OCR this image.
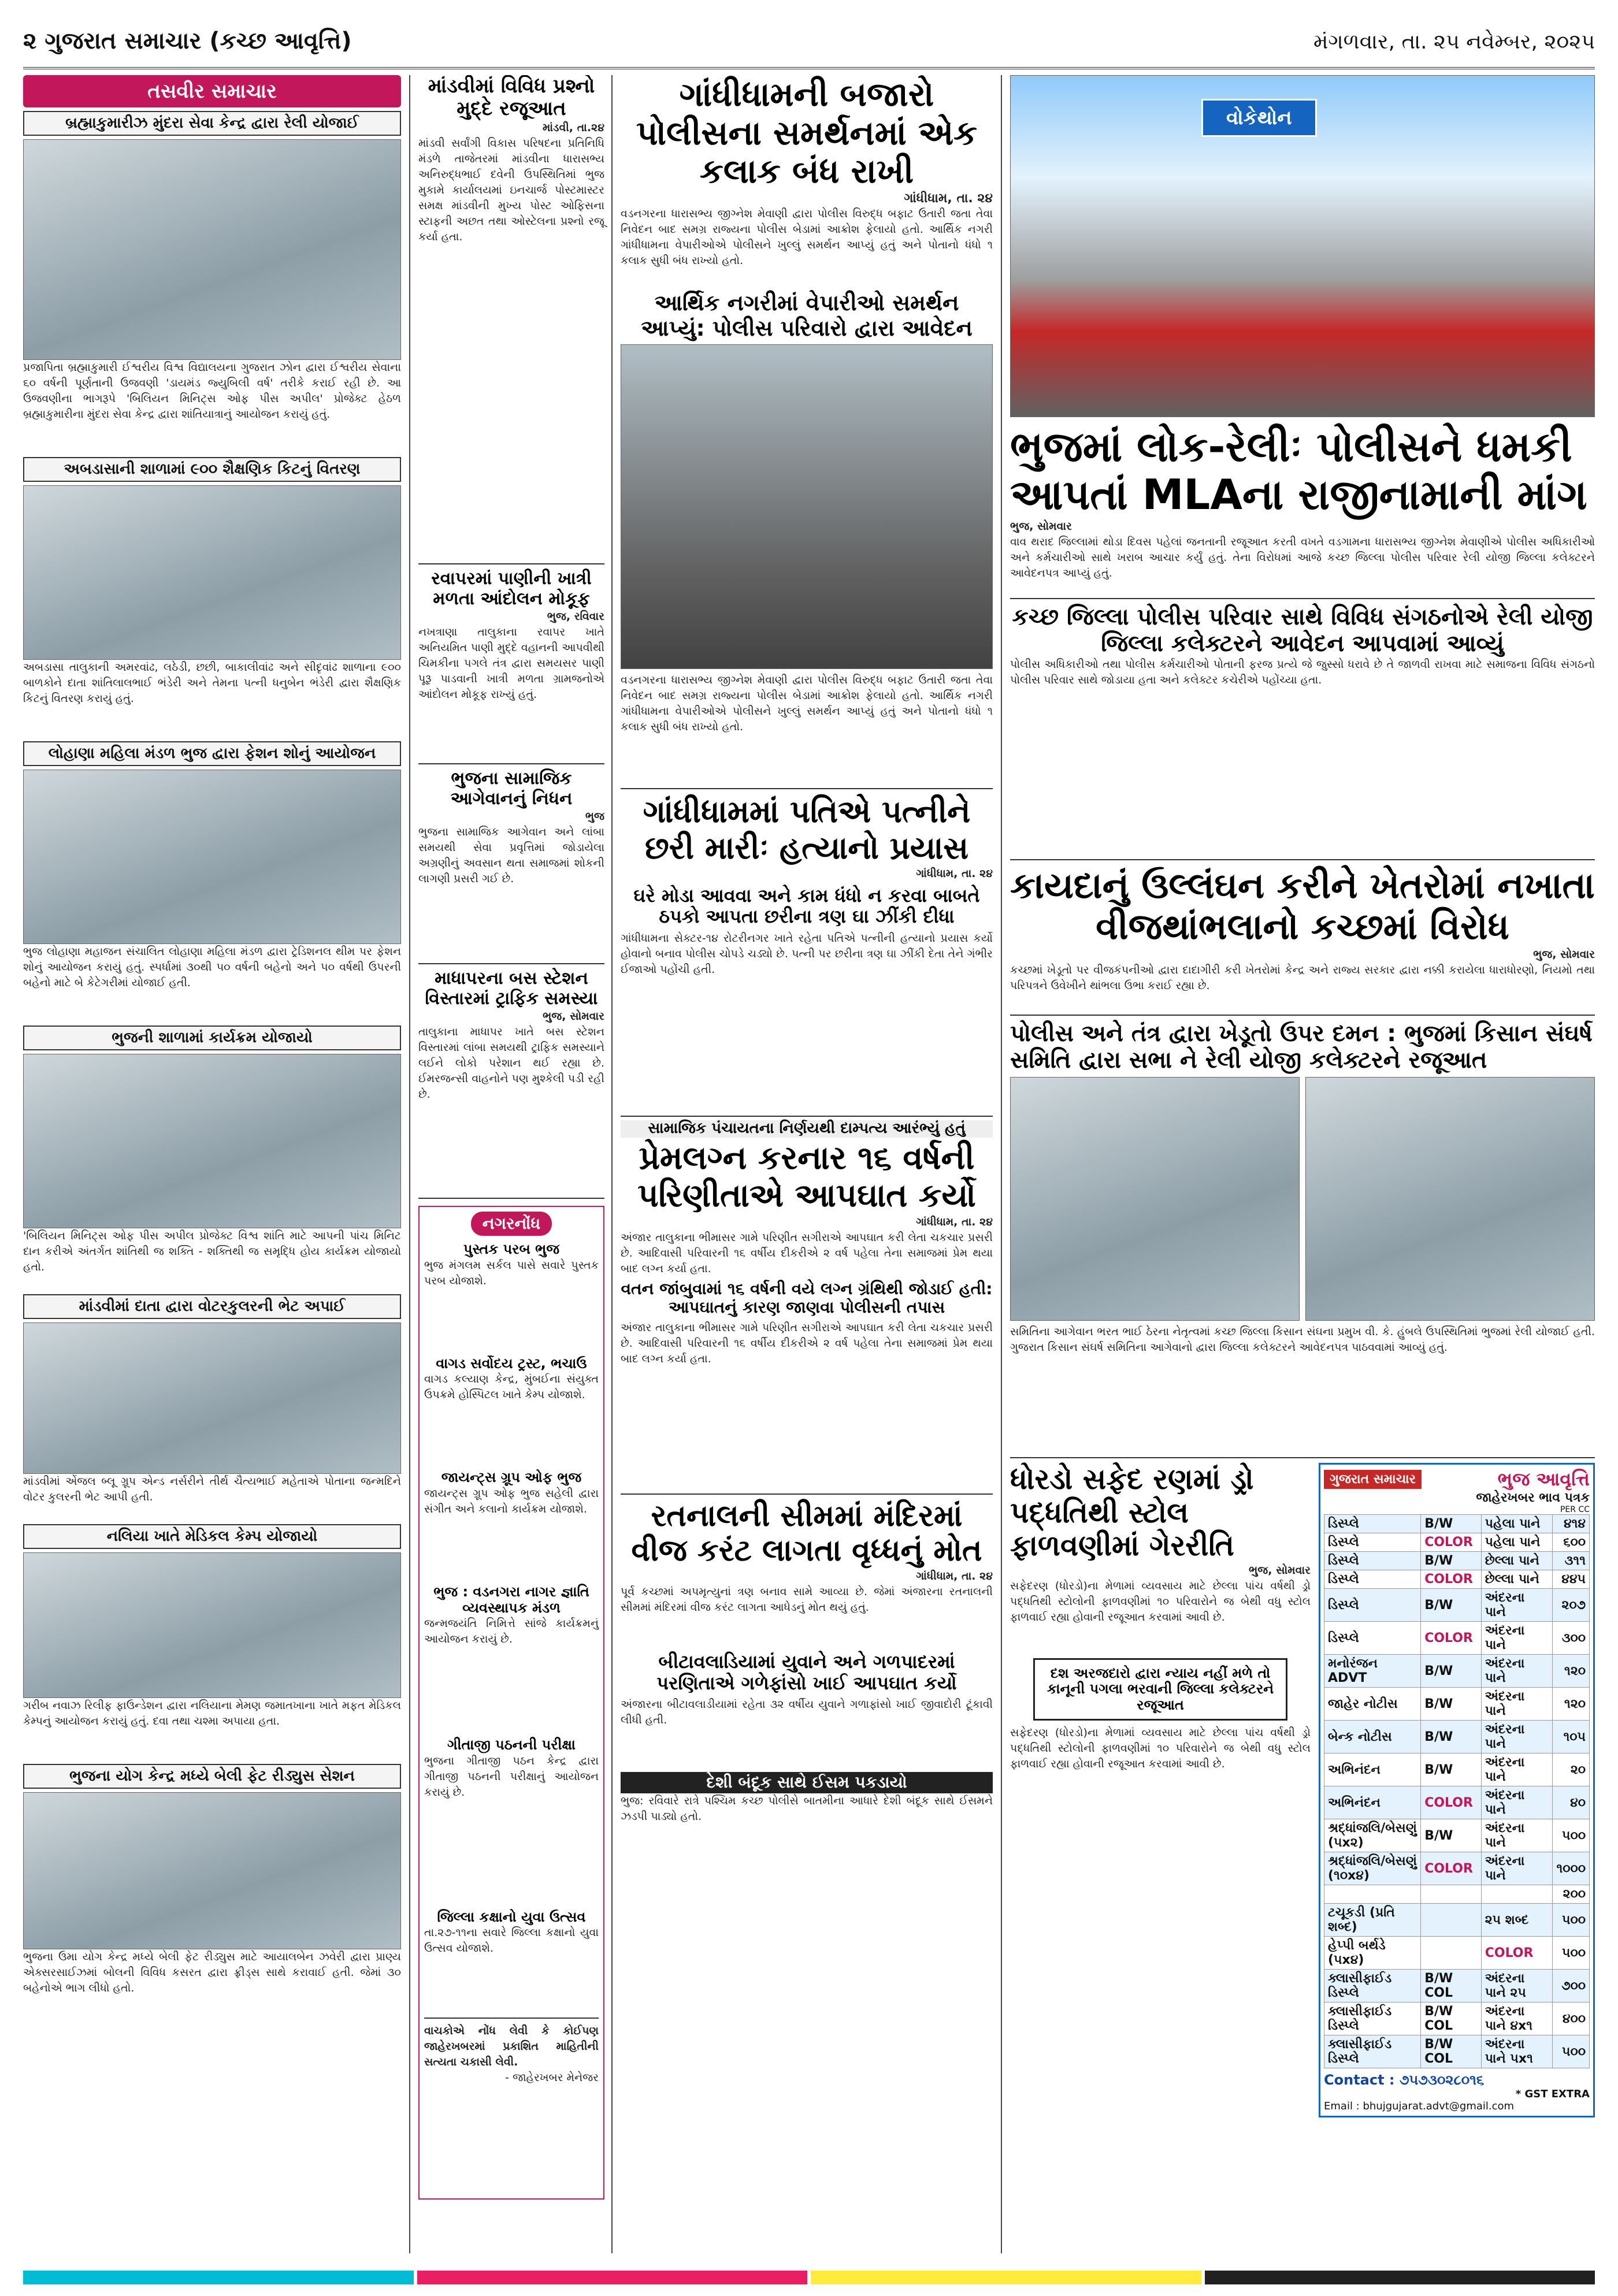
૨ ગુજરાત સમાચાર (કચ્છ આવૃત્તિ)	મંગળવાર, તા. ૨૫ નવેમ્બર, ૨૦૨૫
તસવીર સમાચાર
બ્રહ્માકુમારીઝ મુંદરા સેવા કેન્દ્ર દ્વારા રેલી યોજાઈ
પ્રજાપિતા બ્રહ્માકુમારી ઈશ્વરીય વિશ્વ વિદ્યાલયના ગુજરાત ઝોન દ્વારા ઈશ્વરીય સેવાના ૬૦ વર્ષની પૂર્ણતાની ઉજવણી 'ડાયમંડ જ્યુબિલી વર્ષ' તરીકે કરાઈ રહી છે. આ ઉજવણીના ભાગરૂપે 'બિલિયન મિનિટ્સ ઓફ પીસ અપીલ' પ્રોજેક્ટ હેઠળ બ્રહ્માકુમારીના મુંદરા સેવા કેન્દ્ર દ્વારા શાંતિયાત્રાનું આયોજન કરાયું હતું.
અબડાસાની શાળામાં ૯૦૦ શૈક્ષણિક કિટનું વિતરણ
અબડાસા તાલુકાની અમરવાંઢ, લઠેડી, છછી, બાકાલીવાંઢ અને સીદૃવાંઢ શાળાના ૯૦૦ બાળકોને દાતા શાંતિલાલભાઈ ભંડેરી અને તેમના પત્ની ધનુબેન ભંડેરી દ્વારા શૈક્ષણિક કિટનું વિતરણ કરાયું હતું.
લોહાણા મહિલા મંડળ ભુજ દ્વારા ફેશન શોનું આયોજન
ભુજ લોહાણા મહાજન સંચાલિત લોહાણા મહિલા મંડળ દ્વારા ટ્રેડિશનલ થીમ પર ફેશન શોનું આયોજન કરાયું હતું. સ્પર્ધામાં ૩૦થી ૫૦ વર્ષની બહેનો અને ૫૦ વર્ષથી ઉપરની બહેનો માટે બે કેટેગરીમાં યોજાઈ હતી.
ભુજની શાળામાં કાર્યક્રમ યોજાયો
'બિલિયન મિનિટ્સ ઓફ પીસ અપીલ પ્રોજેક્ટ વિશ્વ શાંતિ માટે આપની પાંચ મિનિટ દાન કરીએ અંતર્ગત શાંતિથી જ શક્તિ - શક્તિથી જ સમૃદ્ધિ હોય કાર્યક્રમ યોજાયો હતો.
માંડવીમાં દાતા દ્વારા વોટરકુલરની ભેટ અપાઈ
માંડવીમાં એંજલ બ્લૂ ગ્રૂપ એન્ડ નર્સરીને તીર્થ ચૈત્યભાઈ મહેતાએ પોતાના જન્મદિને વોટર કુલરની ભેટ આપી હતી.
નલિયા ખાતે મેડિકલ કેમ્પ યોજાયો
ગરીબ નવાઝ રિલીફ ફાઉન્ડેશન દ્વારા નલિયાના મેમણ જમાતખાના ખાતે મફત મેડિકલ કેમ્પનું આયોજન કરાયું હતું. દવા તથા ચશ્મા અપાયા હતા.
ભુજના યોગ કેન્દ્ર મધ્યે બેલી ફેટ રીડ્યુસ સેશન
ભુજના ઉમા યોગ કેન્દ્ર મધ્યે બેલી ફેટ રીડ્યુસ માટે આયાલબેન ઝવેરી દ્વારા પ્રાણ્ય એક્સરસાઈઝમાં બોલની વિવિધ કસરત દ્વારા ફ્રીડ્સ સાથે કરાવાઈ હતી. જેમાં ૩૦ બહેનોએ ભાગ લીધો હતો.
માંડવીમાં વિવિધ પ્રશ્નો મુદ્દે રજૂઆત
માંડવી, તા.૨૪
માંડવી સર્વાંગી વિકાસ પરિષદના પ્રતિનિધિ મંડળે તાજેતરમાં માંડવીના ધારાસભ્ય અનિરુદ્ધભાઈ દવેની ઉપસ્થિતિમાં ભુજ મુકામે કાર્યાલયમાં ઇનચાર્જ પોસ્ટમાસ્ટર સમક્ષ માંડવીની મુખ્ય પોસ્ટ ઓફિસના સ્ટાફની અછત તથા ઓસ્ટેલના પ્રશ્નો રજૂ કર્યા હતા.
રવાપરમાં પાણીની ખાત્રી મળતા આંદોલન મોકૂફ
ભુજ, રવિવાર
નખત્રાણા તાલુકાના રવાપર ખાતે અનિયમિત પાણી મુદ્દે વહાનની આપવીથી ચિમકીના પગલે તંત્ર દ્વારા સમયસર પાણી પૂરૂ પાડવાની ખાત્રી મળતા ગ્રામજનોએ આંદોલન મોકૂફ રાખ્યું હતું.
ભુજના સામાજિક આગેવાનનું નિધન
ભુજ
ભુજના સામાજિક આગેવાન અને લાંબા સમયથી સેવા પ્રવૃત્તિમાં જોડાયેલા અગ્રણીનું અવસાન થતા સમાજમાં શોકની લાગણી પ્રસરી ગઈ છે.
માધાપરના બસ સ્ટેશન વિસ્તારમાં ટ્રાફિક સમસ્યા
ભુજ, સોમવાર
તાલુકાના માધાપર ખાતે બસ સ્ટેશન વિસ્તારમાં લાંબા સમયથી ટ્રાફિક સમસ્યાને લઈને લોકો પરેશાન થઈ રહ્યા છે. ઈમરજન્સી વાહનોને પણ મુશ્કેલી પડી રહી છે.
નગરનોંધ
પુસ્તક પરબ ભુજ
ભુજ મંગલમ સર્કલ પાસે સવારે પુસ્તક પરબ યોજાશે.
વાગડ સર્વોદય ટ્રસ્ટ, ભચાઉ
વાગડ કલ્યાણ કેન્દ્ર, મુંબઈના સંયુક્ત ઉપક્રમે હોસ્પિટલ ખાતે કેમ્પ યોજાશે.
જાયન્ટ્સ ગ્રૂપ ઓફ ભુજ
જાયન્ટ્સ ગ્રૂપ ઓફ ભુજ સહેલી દ્વારા સંગીત અને કલાનો કાર્યક્રમ યોજાશે.
ભુજ : વડનગરા નાગર જ્ઞાતિ વ્યવસ્થાપક મંડળ
જન્મજયંતિ નિમિત્તે સાંજે કાર્યક્રમનું આયોજન કરાયું છે.
ગીતાજી પઠનની પરીક્ષા
ભુજના ગીતાજી પઠન કેન્દ્ર દ્વારા ગીતાજી પઠનની પરીક્ષાનું આયોજન કરાયું છે.
જિલ્લા કક્ષાનો યુવા ઉત્સવ
તા.૨૭-૧૧ના સવારે જિલ્લા કક્ષાનો યુવા ઉત્સવ યોજાશે.
વાચકોએ નોંધ લેવી કે કોઈપણ જાહેરખબરમાં પ્રકાશિત માહિતીની સત્યતા ચકાસી લેવી.
- જાહેરખબર મેનેજર
ગાંધીધામની બજારો પોલીસના સમર્થનમાં એક કલાક બંધ રાખી
ગાંધીધામ, તા. ૨૪
વડનગરના ધારાસભ્ય જીગ્નેશ મેવાણી દ્વારા પોલીસ વિરુદ્ધ બફાટ ઉતારી જતા તેવા નિવેદન બાદ સમગ્ર રાજ્યના પોલીસ બેડામાં આક્રોશ ફેલાયો હતો. આર્થિક નગરી ગાંધીધામના વેપારીઓએ પોલીસને ખુલ્લું સમર્થન આપ્યું હતું અને પોતાનો ધંધો ૧ કલાક સુધી બંધ રાખ્યો હતો.
આર્થિક નગરીમાં વેપારીઓ સમર્થન આપ્યું: પોલીસ પરિવારો દ્વારા આવેદન
વડનગરના ધારાસભ્ય જીગ્નેશ મેવાણી દ્વારા પોલીસ વિરુદ્ધ બફાટ ઉતારી જતા તેવા નિવેદન બાદ સમગ્ર રાજ્યના પોલીસ બેડામાં આક્રોશ ફેલાયો હતો. આર્થિક નગરી ગાંધીધામના વેપારીઓએ પોલીસને ખુલ્લું સમર્થન આપ્યું હતું અને પોતાનો ધંધો ૧ કલાક સુધી બંધ રાખ્યો હતો.
ગાંધીધામમાં પતિએ પત્નીને છરી મારીઃ હત્યાનો પ્રયાસ
ગાંધીધામ, તા. ૨૪
ઘરે મોડા આવવા અને કામ ધંધો ન કરવા બાબતે ઠપકો આપતા છરીના ત્રણ ઘા ઝીંકી દીધા
ગાંધીધામના સેક્ટર-૧૪ રોટરીનગર ખાતે રહેતા પતિએ પત્નીની હત્યાનો પ્રયાસ કર્યો હોવાનો બનાવ પોલીસ ચોપડે ચડ્યો છે. પત્ની પર છરીના ત્રણ ઘા ઝીંકી દેતા તેને ગંભીર ઈજાઓ પહોંચી હતી.
સામાજિક પંચાયતના નિર્ણયથી દામ્પત્ય આરંભ્યું હતું
પ્રેમલગ્ન કરનાર ૧૬ વર્ષની પરિણીતાએ આપઘાત કર્યો
ગાંધીધામ, તા. ૨૪
અંજાર તાલુકાના ભીમાસર ગામે પરિણીત સગીરાએ આપઘાત કરી લેતા ચકચાર પ્રસરી છે. આદિવાસી પરિવારની ૧૬ વર્ષીય દીકરીએ ૨ વર્ષ પહેલા તેના સમાજમાં પ્રેમ થયા બાદ લગ્ન કર્યા હતા.
વતન જાંબુવામાં ૧૬ વર્ષની વયે લગ્ન ગ્રંથિથી જોડાઈ હતી: આપઘાતનું કારણ જાણવા પોલીસની તપાસ
અંજાર તાલુકાના ભીમાસર ગામે પરિણીત સગીરાએ આપઘાત કરી લેતા ચકચાર પ્રસરી છે. આદિવાસી પરિવારની ૧૬ વર્ષીય દીકરીએ ૨ વર્ષ પહેલા તેના સમાજમાં પ્રેમ થયા બાદ લગ્ન કર્યા હતા.
રતનાલની સીમમાં મંદિરમાં વીજ કરંટ લાગતા વૃધ્ધનું મોત
ગાંધીધામ, તા. ૨૪
પૂર્વ કચ્છમાં અપમૃત્યુનાં ત્રણ બનાવ સામે આવ્યા છે. જેમાં અંજારના રતનાલની સીમમાં મંદિરમાં વીજ કરંટ લાગતા આધેડનું મોત થયું હતું.
બીટાવલાડિયામાં યુવાને અને ગળપાદરમાં પરણિતાએ ગળેફાંસો ખાઈ આપઘાત કર્યો
અંજારના બીટાવલાડીયામાં રહેતા ૩૨ વર્ષીય યુવાને ગળાફાંસો ખાઈ જીવાદોરી ટૂંકાવી લીધી હતી.
દેશી બંદૂક સાથે ઈસમ પકડાયો
ભુજ: રવિવારે રાત્રે પશ્ચિમ કચ્છ પોલીસે બાતમીના આધારે દેશી બંદૂક સાથે ઈસમને ઝડપી પાડ્યો હતો.
વોકેથોન
ભુજમાં લોક-રેલીઃ પોલીસને ધમકી આપતાં MLAના રાજીનામાની માંગ
ભુજ, સોમવાર
વાવ થરાદ જિલ્લામાં થોડા દિવસ પહેલાં જનતાની રજૂઆત કરતી વખતે વડગામના ધારાસભ્ય જીગ્નેશ મેવાણીએ પોલીસ અધિકારીઓ અને કર્મચારીઓ સાથે ખરાબ આચાર કર્યું હતું. તેના વિરોધમાં આજે કચ્છ જિલ્લા પોલીસ પરિવાર રેલી યોજી જિલ્લા કલેક્ટરને આવેદનપત્ર આપ્યું હતું.
કચ્છ જિલ્લા પોલીસ પરિવાર સાથે વિવિધ સંગઠનોએ રેલી યોજી જિલ્લા કલેક્ટરને આવેદન આપવામાં આવ્યું
પોલીસ અધિકારીઓ તથા પોલીસ કર્મચારીઓ પોતાની ફરજ પ્રત્યે જે જુસ્સો ધરાવે છે તે જાળવી રાખવા માટે સમાજના વિવિધ સંગઠનો પોલીસ પરિવાર સાથે જોડાયા હતા અને કલેક્ટર કચેરીએ પહોંચ્યા હતા.
કાયદાનું ઉલ્લંઘન કરીને ખેતરોમાં નખાતા વીજથાંભલાનો કચ્છમાં વિરોધ
ભુજ, સોમવાર
કચ્છમાં ખેડૂતો પર વીજકંપનીઓ દ્વારા દાદાગીરી કરી ખેતરોમાં કેન્દ્ર અને રાજ્ય સરકાર દ્વારા નક્કી કરાયેલા ધારાધોરણો, નિયમો તથા પરિપત્રને ઉવેખીને થાંભલા ઉભા કરાઈ રહ્યા છે.
પોલીસ અને તંત્ર દ્વારા ખેડૂતો ઉપર દમન : ભુજમાં કિસાન સંઘર્ષ સમિતિ દ્વારા સભા ને રેલી યોજી કલેક્ટરને રજૂઆત
સમિતિના આગેવાન ભરત ભાઈ ઠેરના નેતૃત્વમાં કચ્છ જિલ્લા કિસાન સંઘના પ્રમુખ વી. કે. હુંબલે ઉપસ્થિતિમાં ભુજમાં રેલી યોજાઈ હતી. ગુજરાત કિસાન સંઘર્ષ સમિતિના આગેવાનો દ્વારા જિલ્લા કલેક્ટરને આવેદનપત્ર પાઠવવામાં આવ્યું હતું.
ધોરડો સફેદ રણમાં ડ્રો પદ્ધતિથી સ્ટોલ ફાળવણીમાં ગેરરીતિ
ભુજ, સોમવાર
સફેદરણ (ધોરડો)ના મેળામાં વ્યવસાય માટે છેલ્લા પાંચ વર્ષથી ડ્રો પદ્ધતિથી સ્ટોલોની ફાળવણીમાં ૧૦ પરિવારોને જ બેથી વધુ સ્ટોલ ફાળવાઈ રહ્યા હોવાની રજૂઆત કરવામાં આવી છે.
દશ અરજદારો દ્વારા ન્યાય નહીં મળે તો કાનૂની પગલા ભરવાની જિલ્લા કલેક્ટરને રજૂઆત
સફેદરણ (ધોરડો)ના મેળામાં વ્યવસાય માટે છેલ્લા પાંચ વર્ષથી ડ્રો પદ્ધતિથી સ્ટોલોની ફાળવણીમાં ૧૦ પરિવારોને જ બેથી વધુ સ્ટોલ ફાળવાઈ રહ્યા હોવાની રજૂઆત કરવામાં આવી છે.
ગુજરાત સમાચાર	ભુજ આવૃત્તિ
જાહેરખબર ભાવ પત્રક
PER CC
ડિસ્પ્લે	B/W	પહેલા પાને	૪૧૪
ડિસ્પ્લે	COLOR	પહેલા પાને	૬૦૦
ડિસ્પ્લે	B/W	છેલ્લા પાને	૩૧૧
ડિસ્પ્લે	COLOR	છેલ્લા પાને	૪૪૫
ડિસ્પ્લે	B/W	અંદરના પાને	૨૦૭
ડિસ્પ્લે	COLOR	અંદરના પાને	૩૦૦
મનોરંજન ADVT	B/W	અંદરના પાને	૧૨૦
જાહેર નોટીસ	B/W	અંદરના પાને	૧૨૦
બેન્ક નોટીસ	B/W	અંદરના પાને	૧૦૫
અભિનંદન	B/W	અંદરના પાને	૨૦
અભિનંદન	COLOR	અંદરના પાને	૪૦
શ્રદ્ધાંજલિ/બેસણું (૫x૨)	B/W	અંદરના પાને	૫૦૦
શ્રદ્ધાંજલિ/બેસણું (૧૦x૪)	COLOR	અંદરના પાને	૧૦૦૦
			૨૦૦
ટચૂકડી (પ્રતિ શબ્દ)		૨૫ શબ્દ	૫૦૦
હેપ્પી બર્થડે (૫x૪)		COLOR	૫૦૦
ક્લાસીફાઈડ ડિસ્પ્લે	B/W COL	અંદરના પાને ૨૫	૭૦૦
ક્લાસીફાઈડ ડિસ્પ્લે	B/W COL	અંદરના પાને ૪x૧	૪૦૦
ક્લાસીફાઈડ ડિસ્પ્લે	B/W COL	અંદરના પાને ૫x૧	૫૦૦
Contact : ૭૫૭૩૦૨૮૦૧૬
* GST EXTRA
Email : bhujgujarat.advt@gmail.com
